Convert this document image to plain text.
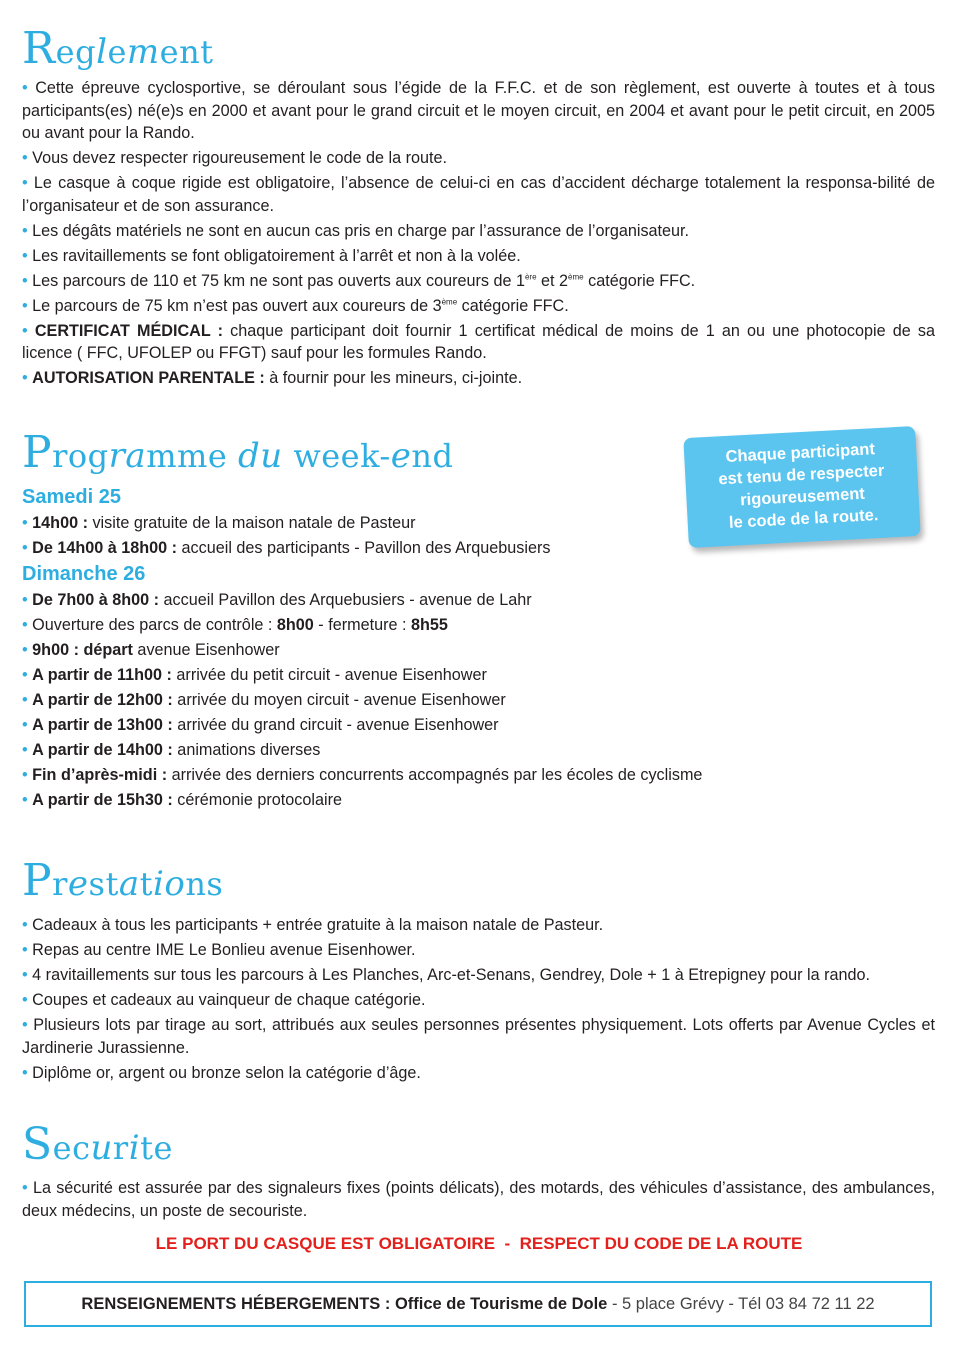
Reglement
• Cette épreuve cyclosportive, se déroulant sous l’égide de la F.F.C. et de son règlement, est ouverte à toutes et à tous participants(es) né(e)s en 2000 et avant pour le grand circuit et le moyen circuit, en 2004 et avant pour le petit circuit, en 2005 ou avant pour la Rando.
• Vous devez respecter rigoureusement le code de la route.
• Le casque à coque rigide est obligatoire, l’absence de celui-ci en cas d’accident décharge totalement la responsa-bilité de l’organisateur et de son assurance.
• Les dégâts matériels ne sont en aucun cas pris en charge par l’assurance de l’organisateur.
• Les ravitaillements se font obligatoirement à l’arrêt et non à la volée.
• Les parcours de 110 et 75 km ne sont pas ouverts aux coureurs de 1ère et 2ème catégorie FFC.
• Le parcours de 75 km n’est pas ouvert aux coureurs de 3ème catégorie FFC.
• CERTIFICAT MÉDICAL : chaque participant doit fournir 1 certificat médical de moins de 1 an ou une photocopie de sa licence ( FFC, UFOLEP ou FFGT) sauf pour les formules Rando.
• AUTORISATION PARENTALE : à fournir pour les mineurs, ci-jointe.
Programme du week-end	Chaque participant
est tenu de respecter
rigoureusement
le code de la route.
Samedi 25
• 14h00 : visite gratuite de la maison natale de Pasteur
• De 14h00 à 18h00 : accueil des participants - Pavillon des Arquebusiers
Dimanche 26
• De 7h00 à 8h00 : accueil Pavillon des Arquebusiers - avenue de Lahr
• Ouverture des parcs de contrôle : 8h00 - fermeture : 8h55
• 9h00 : départ avenue Eisenhower
• A partir de 11h00 : arrivée du petit circuit - avenue Eisenhower
• A partir de 12h00 : arrivée du moyen circuit - avenue Eisenhower
• A partir de 13h00 : arrivée du grand circuit - avenue Eisenhower
• A partir de 14h00 : animations diverses
• Fin d’après-midi : arrivée des derniers concurrents accompagnés par les écoles de cyclisme
• A partir de 15h30 : cérémonie protocolaire
Prestations
• Cadeaux à tous les participants + entrée gratuite à la maison natale de Pasteur.
• Repas au centre IME Le Bonlieu avenue Eisenhower.
• 4 ravitaillements sur tous les parcours à Les Planches, Arc-et-Senans, Gendrey, Dole + 1 à Etrepigney pour la rando.
• Coupes et cadeaux au vainqueur de chaque catégorie.
• Plusieurs lots par tirage au sort, attribués aux seules personnes présentes physiquement. Lots offerts par Avenue Cycles et Jardinerie Jurassienne.
• Diplôme or, argent ou bronze selon la catégorie d’âge.
Securite
• La sécurité est assurée par des signaleurs fixes (points délicats), des motards, des véhicules d’assistance, des ambulances, deux médecins, un poste de secouriste.
LE PORT DU CASQUE EST OBLIGATOIRE  -  RESPECT DU CODE DE LA ROUTE
RENSEIGNEMENTS HÉBERGEMENTS : Office de Tourisme de Dole - 5 place Grévy - Tél 03 84 72 11 22
